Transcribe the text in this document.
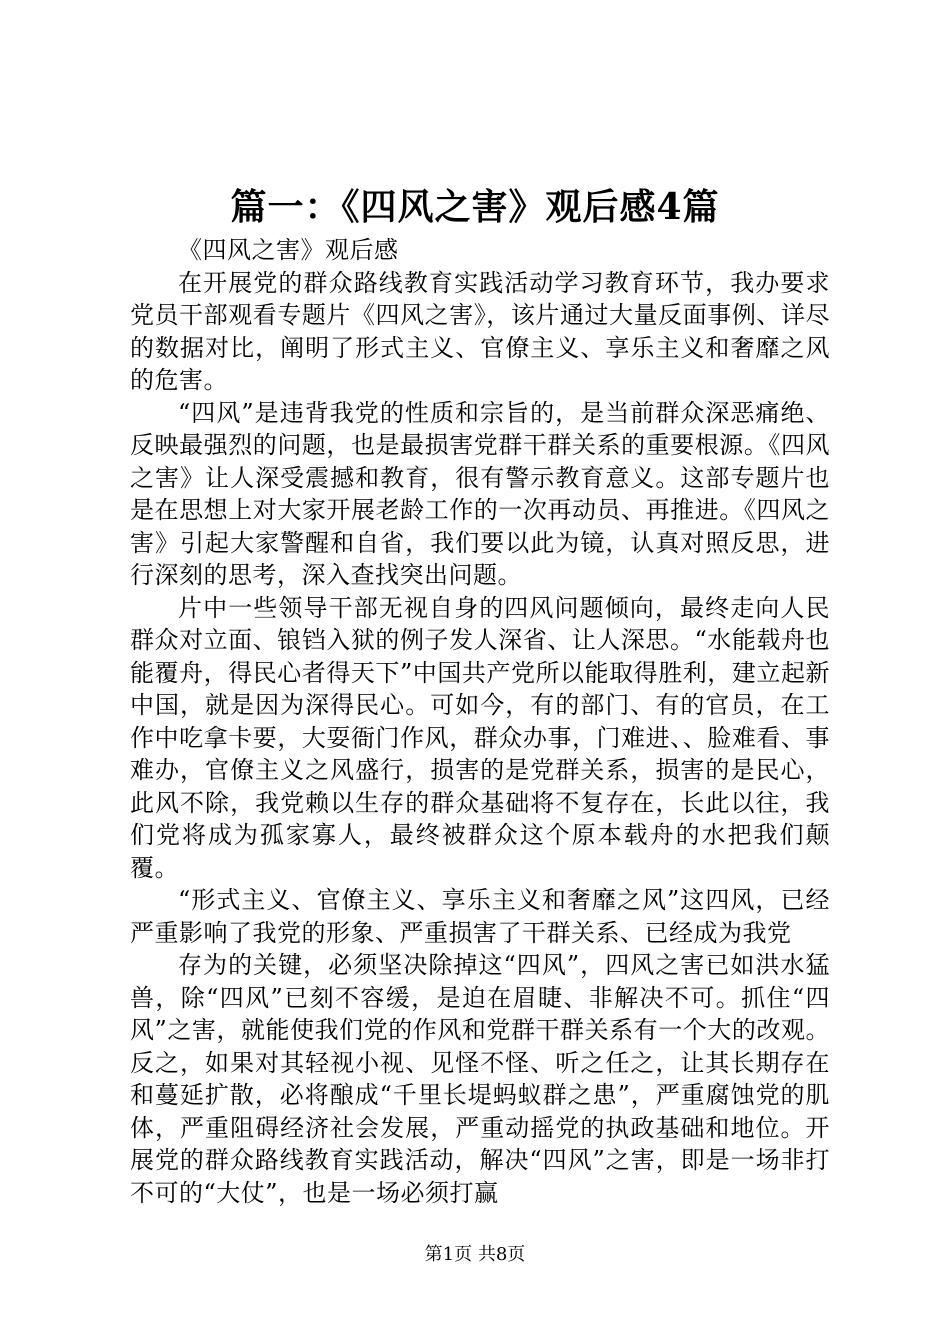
篇一：《四风之害》观后感4篇

《四风之害》观后感

在开展党的群众路线教育实践活动学习教育环节，我办要求党员干部观看专题片《四风之害》，该片通过大量反面事例、详尽的数据对比，阐明了形式主义、官僚主义、享乐主义和奢靡之风的危害。

“四风”是违背我党的性质和宗旨的，是当前群众深恶痛绝、反映最强烈的问题，也是最损害党群干群关系的重要根源。《四风之害》让人深受震撼和教育，很有警示教育意义。这部专题片也是在思想上对大家开展老龄工作的一次再动员、再推进。《四风之害》引起大家警醒和自省，我们要以此为镜，认真对照反思，进行深刻的思考，深入查找突出问题。

片中一些领导干部无视自身的四风问题倾向，最终走向人民群众对立面、锒铛入狱的例子发人深省、让人深思。“水能载舟也能覆舟，得民心者得天下”中国共产党所以能取得胜利，建立起新中国，就是因为深得民心。可如今，有的部门、有的官员，在工作中吃拿卡要，大耍衙门作风，群众办事，门难进、、脸难看、事难办，官僚主义之风盛行，损害的是党群关系，损害的是民心，此风不除，我党赖以生存的群众基础将不复存在，长此以往，我们党将成为孤家寡人，最终被群众这个原本载舟的水把我们颠覆。

“形式主义、官僚主义、享乐主义和奢靡之风”这四风，已经严重影响了我党的形象、严重损害了干群关系、已经成为我党

存为的关键，必须坚决除掉这“四风”，四风之害已如洪水猛兽，除“四风”已刻不容缓，是迫在眉睫、非解决不可。抓住“四风”之害，就能使我们党的作风和党群干群关系有一个大的改观。反之，如果对其轻视小视、见怪不怪、听之任之，让其长期存在和蔓延扩散，必将酿成“千里长堤蚂蚁群之患”，严重腐蚀党的肌体，严重阻碍经济社会发展，严重动摇党的执政基础和地位。开展党的群众路线教育实践活动，解决“四风”之害，即是一场非打不可的“大仗”，也是一场必须打赢

第1页 共8页
